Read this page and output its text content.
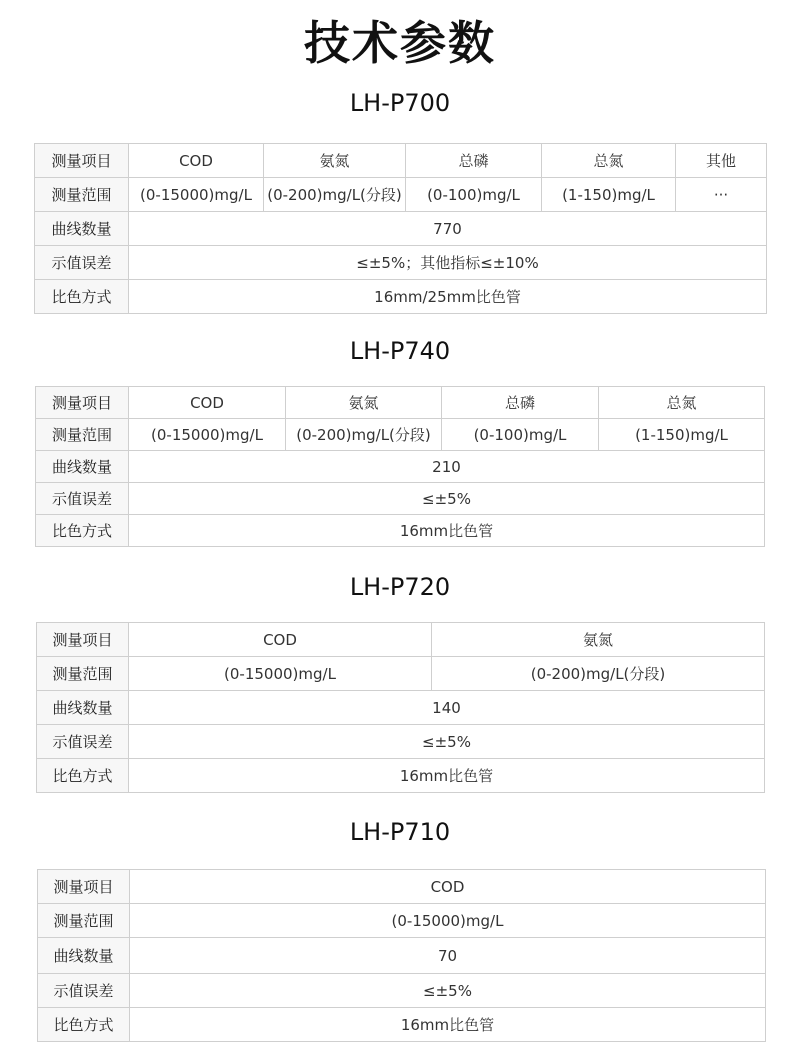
技术参数
LH-P700
测量项目	COD	氨氮	总磷	总氮	其他
测量范围	(0-15000)mg/L	(0-200)mg/L(分段)	(0-100)mg/L	(1-150)mg/L	···
曲线数量	770				
示值误差	≤±5%；其他指标≤±10%				
比色方式	16mm/25mm比色管				
LH-P740
测量项目	COD	氨氮	总磷	总氮
测量范围	(0-15000)mg/L	(0-200)mg/L(分段)	(0-100)mg/L	(1-150)mg/L
曲线数量	210			
示值误差	≤±5%			
比色方式	16mm比色管			
LH-P720
测量项目	COD	氨氮
测量范围	(0-15000)mg/L	(0-200)mg/L(分段)
曲线数量	140	
示值误差	≤±5%	
比色方式	16mm比色管	
LH-P710
测量项目	COD
测量范围	(0-15000)mg/L
曲线数量	70
示值误差	≤±5%
比色方式	16mm比色管
